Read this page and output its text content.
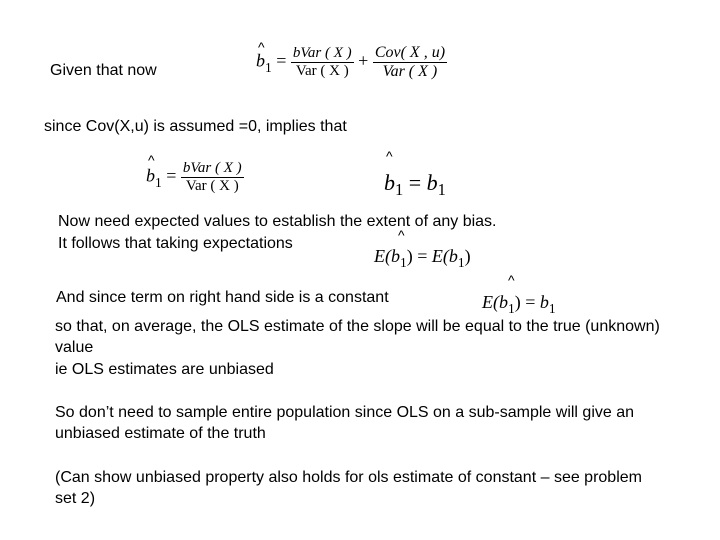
Given that now
^
$b_1 = \frac{\text{bVar ( X )}}{\text{Var ( X )}} + \frac{\text{Cov( X , u)}}{\text{Var ( X )}}$
since Cov(X,u) is assumed =0, implies that
^
$b_1 = \frac{\text{bVar ( X )}}{\text{Var ( X )}}$
^
$b_1 = b_1$
Now need expected values to establish the extent of any bias.
It follows that taking expectations	^
$E(b_1) = E(b_1)$
And since term on right hand side is a constant
^
$E(b_1) = b_1$
so that, on average, the OLS estimate of the slope will be equal to the true (unknown) value
ie OLS estimates are unbiased
So don’t need to sample entire population since OLS on a sub-sample will give an unbiased estimate of the truth
(Can show unbiased property also holds for ols estimate of constant – see problem set 2)
